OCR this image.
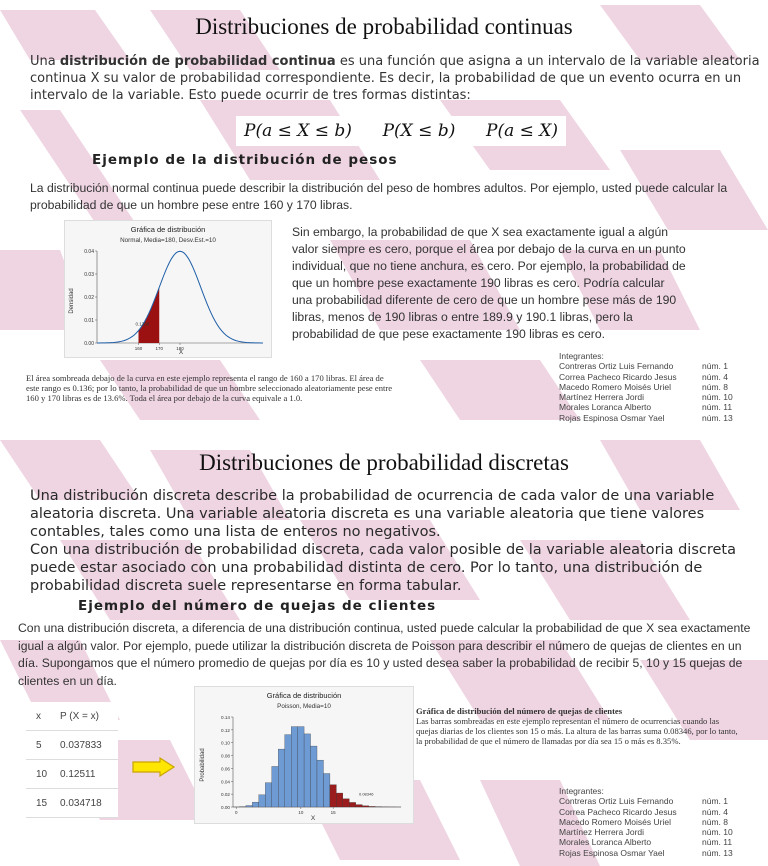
Distribuciones de probabilidad continuas
Una distribución de probabilidad continua es una función que asigna a un intervalo de la variable aleatoria continua X su valor de probabilidad correspondiente. Es decir, la probabilidad de que un evento ocurra en un intervalo de la variable. Esto puede ocurrir de tres formas distintas:
P(a ≤ X ≤ b) P(X ≤ b) P(a ≤ X)
Ejemplo de la distribución de pesos
La distribución normal continua puede describir la distribución del peso de hombres adultos. Por ejemplo, usted puede calcular la probabilidad de que un hombre pese entre 160 y 170 libras.
Gráfica de distribución
Normal, Media=180, Desv.Est.=10
Densidad
X
0.00
0.01
0.02
0.03
0.04
0.1359
160	170	180
Sin embargo, la probabilidad de que X sea exactamente igual a algún valor siempre es cero, porque el área por debajo de la curva en un punto individual, que no tiene anchura, es cero. Por ejemplo, la probabilidad de que un hombre pese exactamente 190 libras es cero. Podría calcular una probabilidad diferente de cero de que un hombre pese más de 190 libras, menos de 190 libras o entre 189.9 y 190.1 libras, pero la probabilidad de que pese exactamente 190 libras es cero.
El área sombreada debajo de la curva en este ejemplo representa el rango de 160 a 170 libras. El área de este rango es 0.136; por lo tanto, la probabilidad de que un hombre seleccionado aleatoriamente pese entre 160 y 170 libras es de 13.6%. Toda el área por debajo de la curva equivale a 1.0.
Integrantes:
Contreras Ortiz Luis Fernando	núm. 1
Correa Pacheco Ricardo Jesus	núm. 4
Macedo Romero Moisés Uriel	núm. 8
Martínez Herrera Jordi	núm. 10
Morales Loranca Alberto	núm. 11
Rojas Espinosa Osmar Yael	núm. 13
Distribuciones de probabilidad discretas
Una distribución discreta describe la probabilidad de ocurrencia de cada valor de una variable aleatoria discreta. Una variable aleatoria discreta es una variable aleatoria que tiene valores contables, tales como una lista de enteros no negativos.
Con una distribución de probabilidad discreta, cada valor posible de la variable aleatoria discreta puede estar asociado con una probabilidad distinta de cero. Por lo tanto, una distribución de probabilidad discreta suele representarse en forma tabular.
Ejemplo del número de quejas de clientes
Con una distribución discreta, a diferencia de una distribución continua, usted puede calcular la probabilidad de que X sea exactamente igual a algún valor. Por ejemplo, puede utilizar la distribución discreta de Poisson para describir el número de quejas de clientes en un día. Supongamos que el número promedio de quejas por día es 10 y usted desea saber la probabilidad de recibir 5, 10 y 15 quejas de clientes en un día.
x	P (X = x)
5	0.037833
10	0.12511
15	0.034718
Gráfica de distribución
Poisson, Media=10
Probabilidad
X
0.00
0.02
0.04
0.06
0.08
0.10
0.12
0.14
0.08346
0	10	15
Gráfica de distribución del número de quejas de clientes
Las barras sombreadas en este ejemplo representan el número de ocurrencias cuando las quejas diarias de los clientes son 15 o más. La altura de las barras suma 0.08346, por lo tanto, la probabilidad de que el número de llamadas por día sea 15 o más es 8.35%.
Integrantes:
Contreras Ortiz Luis Fernando	núm. 1
Correa Pacheco Ricardo Jesus	núm. 4
Macedo Romero Moisés Uriel	núm. 8
Martínez Herrera Jordi	núm. 10
Morales Loranca Alberto	núm. 11
Rojas Espinosa Osmar Yael	núm. 13
